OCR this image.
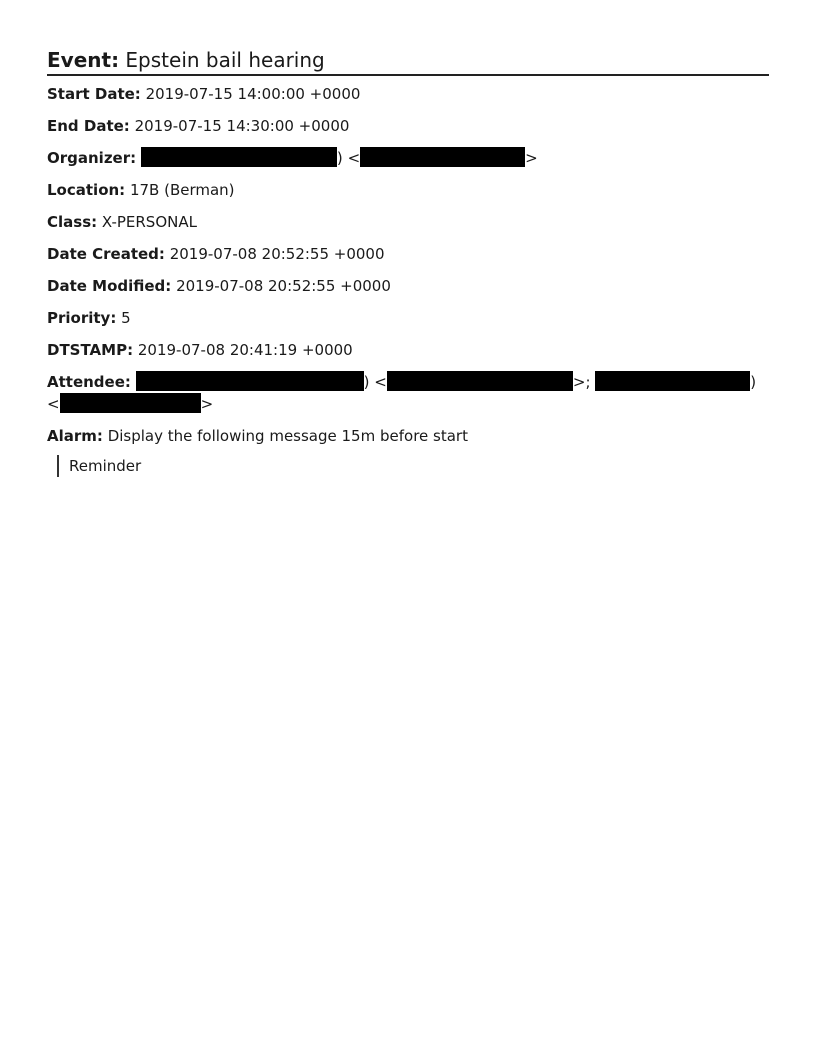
Event: Epstein bail hearing
Start Date: 2019-07-15 14:00:00 +0000
End Date: 2019-07-15 14:30:00 +0000
Organizer:	) <	>
Location: 17B (Berman)
Class: X-PERSONAL
Date Created: 2019-07-08 20:52:55 +0000
Date Modified: 2019-07-08 20:52:55 +0000
Priority: 5
DTSTAMP: 2019-07-08 20:41:19 +0000
Attendee:	) <	>;	)
<	>
Alarm: Display the following message 15m before start
Reminder
